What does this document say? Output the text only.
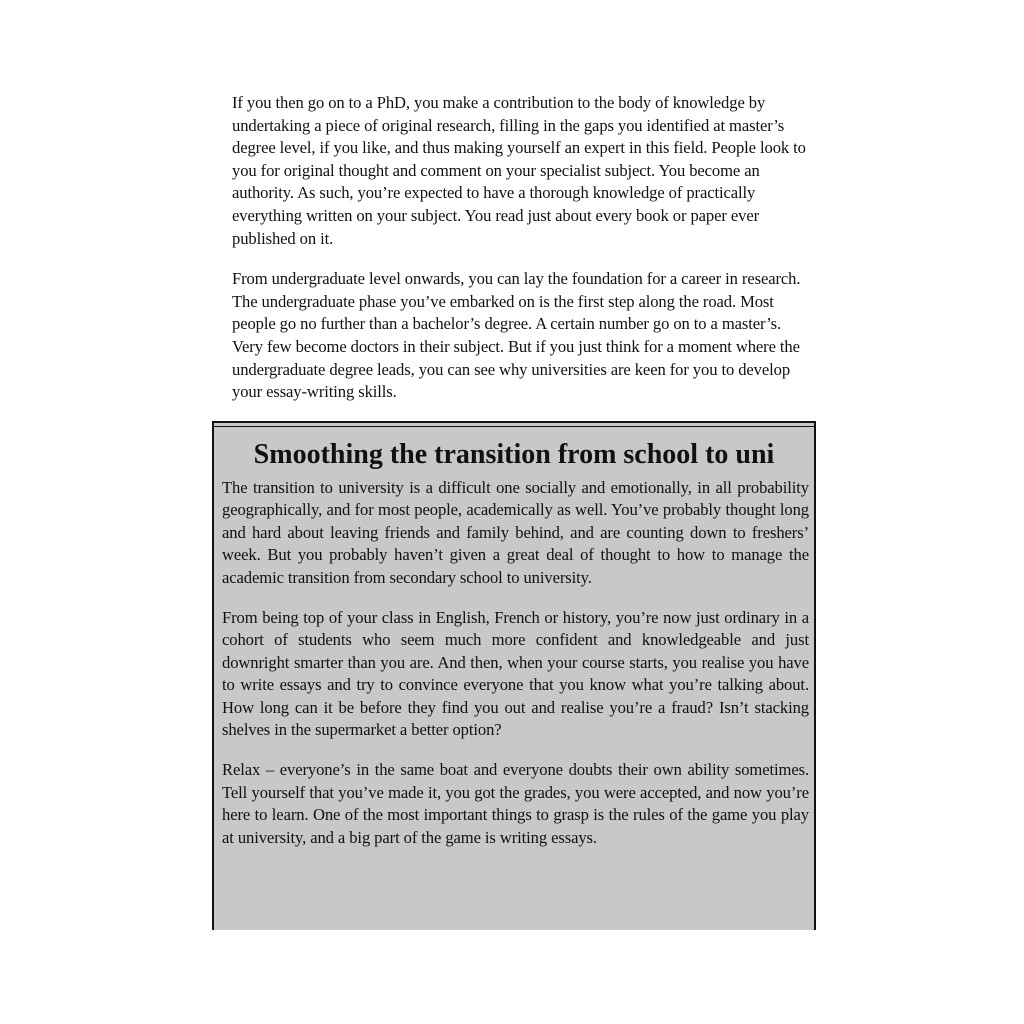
If you then go on to a PhD, you make a contribution to the body of knowledge by undertaking a piece of original research, filling in the gaps you identified at master’s degree level, if you like, and thus making yourself an expert in this field. People look to you for original thought and comment on your specialist subject. You become an authority. As such, you’re expected to have a thorough knowledge of practically everything written on your subject. You read just about every book or paper ever published on it.

From undergraduate level onwards, you can lay the foundation for a career in research. The undergraduate phase you’ve embarked on is the first step along the road. Most people go no further than a bachelor’s degree. A certain number go on to a master’s. Very few become doctors in their subject. But if you just think for a moment where the undergraduate degree leads, you can see why universities are keen for you to develop your essay-writing skills.

Smoothing the transition from school to uni

The transition to university is a difficult one socially and emotionally, in all probability geographically, and for most people, academically as well. You’ve probably thought long and hard about leaving friends and family behind, and are counting down to freshers’ week. But you probably haven’t given a great deal of thought to how to manage the academic transition from secondary school to university.

From being top of your class in English, French or history, you’re now just ordinary in a cohort of students who seem much more confident and knowledgeable and just downright smarter than you are. And then, when your course starts, you realise you have to write essays and try to convince everyone that you know what you’re talking about. How long can it be before they find you out and realise you’re a fraud? Isn’t stacking shelves in the supermarket a better option?

Relax – everyone’s in the same boat and everyone doubts their own ability sometimes. Tell yourself that you’ve made it, you got the grades, you were accepted, and now you’re here to learn. One of the most important things to grasp is the rules of the game you play at university, and a big part of the game is writing essays.
